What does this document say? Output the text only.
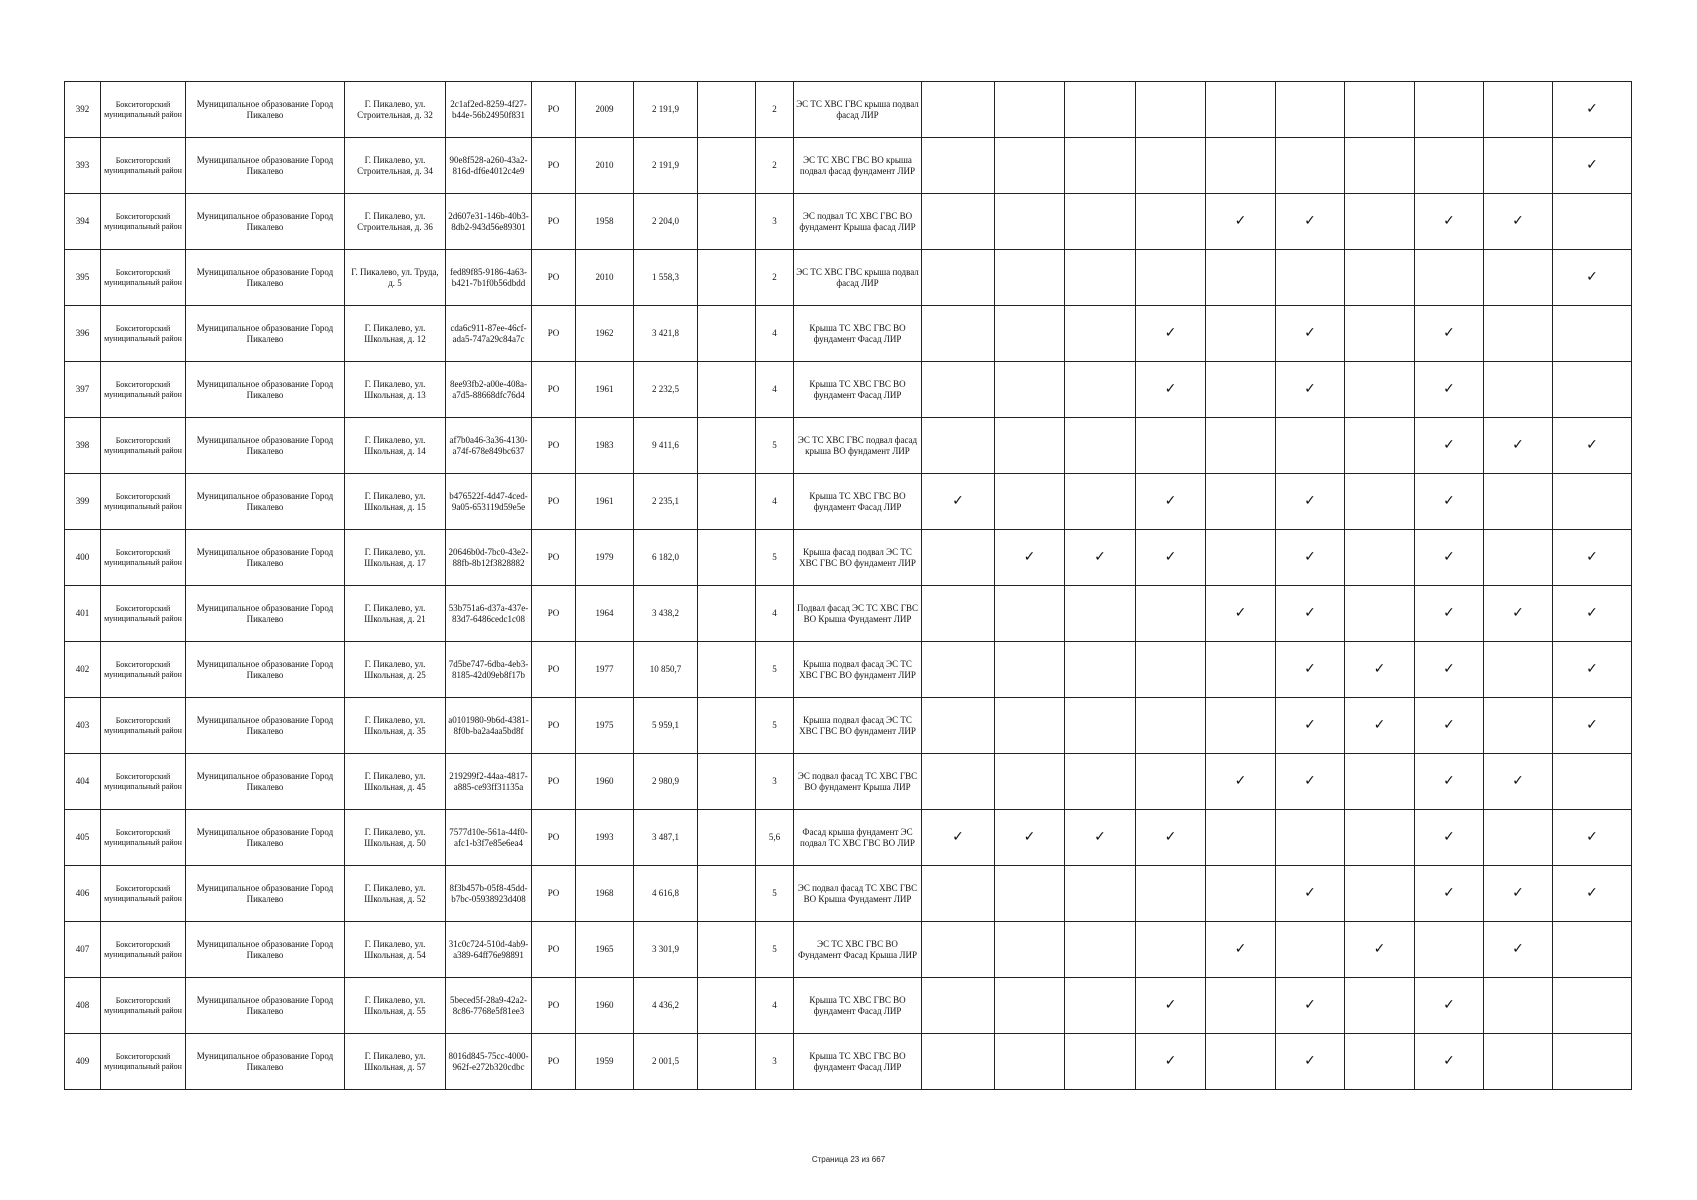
392	Бокситогорский муниципальный район	Муниципальное образование Город Пикалево	Г. Пикалево, ул. Строительная, д. 32	2c1af2ed-8259-4f27-b44e-56b24950f831	РО	2009	2 191,9		2	ЭС ТС ХВС ГВС крыша подвал фасад ЛИР										✓
393	Бокситогорский муниципальный район	Муниципальное образование Город Пикалево	Г. Пикалево, ул. Строительная, д. 34	90e8f528-a260-43a2-816d-df6e4012c4e9	РО	2010	2 191,9		2	ЭС ТС ХВС ГВС ВО крыша подвал фасад фундамент ЛИР										✓
394	Бокситогорский муниципальный район	Муниципальное образование Город Пикалево	Г. Пикалево, ул. Строительная, д. 36	2d607e31-146b-40b3-8db2-943d56e89301	РО	1958	2 204,0		3	ЭС подвал ТС ХВС ГВС ВО фундамент Крыша фасад ЛИР					✓	✓		✓	✓	
395	Бокситогорский муниципальный район	Муниципальное образование Город Пикалево	Г. Пикалево, ул. Труда, д. 5	fed89f85-9186-4a63-b421-7b1f0b56dbdd	РО	2010	1 558,3		2	ЭС ТС ХВС ГВС крыша подвал фасад ЛИР										✓
396	Бокситогорский муниципальный район	Муниципальное образование Город Пикалево	Г. Пикалево, ул. Школьная, д. 12	cda6c911-87ee-46cf-ada5-747a29c84a7c	РО	1962	3 421,8		4	Крыша ТС ХВС ГВС ВО фундамент Фасад ЛИР				✓		✓		✓		
397	Бокситогорский муниципальный район	Муниципальное образование Город Пикалево	Г. Пикалево, ул. Школьная, д. 13	8ee93fb2-a00e-408a-a7d5-88668dfc76d4	РО	1961	2 232,5		4	Крыша ТС ХВС ГВС ВО фундамент Фасад ЛИР				✓		✓		✓		
398	Бокситогорский муниципальный район	Муниципальное образование Город Пикалево	Г. Пикалево, ул. Школьная, д. 14	af7b0a46-3a36-4130-a74f-678e849bc637	РО	1983	9 411,6		5	ЭС ТС ХВС ГВС подвал фасад крыша ВО фундамент ЛИР								✓	✓	✓
399	Бокситогорский муниципальный район	Муниципальное образование Город Пикалево	Г. Пикалево, ул. Школьная, д. 15	b476522f-4d47-4ced-9a05-653119d59e5e	РО	1961	2 235,1		4	Крыша ТС ХВС ГВС ВО фундамент Фасад ЛИР	✓			✓		✓		✓		
400	Бокситогорский муниципальный район	Муниципальное образование Город Пикалево	Г. Пикалево, ул. Школьная, д. 17	20646b0d-7bc0-43e2-88fb-8b12f3828882	РО	1979	6 182,0		5	Крыша фасад подвал ЭС ТС ХВС ГВС ВО фундамент ЛИР		✓	✓	✓		✓		✓		✓
401	Бокситогорский муниципальный район	Муниципальное образование Город Пикалево	Г. Пикалево, ул. Школьная, д. 21	53b751a6-d37a-437e-83d7-6486cedc1c08	РО	1964	3 438,2		4	Подвал фасад ЭС ТС ХВС ГВС ВО Крыша Фундамент ЛИР					✓	✓		✓	✓	✓
402	Бокситогорский муниципальный район	Муниципальное образование Город Пикалево	Г. Пикалево, ул. Школьная, д. 25	7d5be747-6dba-4eb3-8185-42d09eb8f17b	РО	1977	10 850,7		5	Крыша подвал фасад ЭС ТС ХВС ГВС ВО фундамент ЛИР						✓	✓	✓		✓
403	Бокситогорский муниципальный район	Муниципальное образование Город Пикалево	Г. Пикалево, ул. Школьная, д. 35	a0101980-9b6d-4381-8f0b-ba2a4aa5bd8f	РО	1975	5 959,1		5	Крыша подвал фасад ЭС ТС ХВС ГВС ВО фундамент ЛИР						✓	✓	✓		✓
404	Бокситогорский муниципальный район	Муниципальное образование Город Пикалево	Г. Пикалево, ул. Школьная, д. 45	219299f2-44aa-4817-a885-ce93ff31135a	РО	1960	2 980,9		3	ЭС подвал фасад ТС ХВС ГВС ВО фундамент Крыша ЛИР					✓	✓		✓	✓	
405	Бокситогорский муниципальный район	Муниципальное образование Город Пикалево	Г. Пикалево, ул. Школьная, д. 50	7577d10e-561a-44f0-afc1-b3f7e85e6ea4	РО	1993	3 487,1		5,6	Фасад крыша фундамент ЭС подвал ТС ХВС ГВС ВО ЛИР	✓	✓	✓	✓				✓		✓
406	Бокситогорский муниципальный район	Муниципальное образование Город Пикалево	Г. Пикалево, ул. Школьная, д. 52	8f3b457b-05f8-45dd-b7bc-05938923d408	РО	1968	4 616,8		5	ЭС подвал фасад ТС ХВС ГВС ВО Крыша Фундамент ЛИР						✓		✓	✓	✓
407	Бокситогорский муниципальный район	Муниципальное образование Город Пикалево	Г. Пикалево, ул. Школьная, д. 54	31c0c724-510d-4ab9-a389-64ff76e98891	РО	1965	3 301,9		5	ЭС ТС ХВС ГВС ВО Фундамент Фасад Крыша ЛИР					✓		✓		✓	
408	Бокситогорский муниципальный район	Муниципальное образование Город Пикалево	Г. Пикалево, ул. Школьная, д. 55	5beced5f-28a9-42a2-8c86-7768e5f81ee3	РО	1960	4 436,2		4	Крыша ТС ХВС ГВС ВО фундамент Фасад ЛИР				✓		✓		✓		
409	Бокситогорский муниципальный район	Муниципальное образование Город Пикалево	Г. Пикалево, ул. Школьная, д. 57	8016d845-75cc-4000-962f-e272b320cdbc	РО	1959	2 001,5		3	Крыша ТС ХВС ГВС ВО фундамент Фасад ЛИР				✓		✓		✓		
Страница 23 из 667
